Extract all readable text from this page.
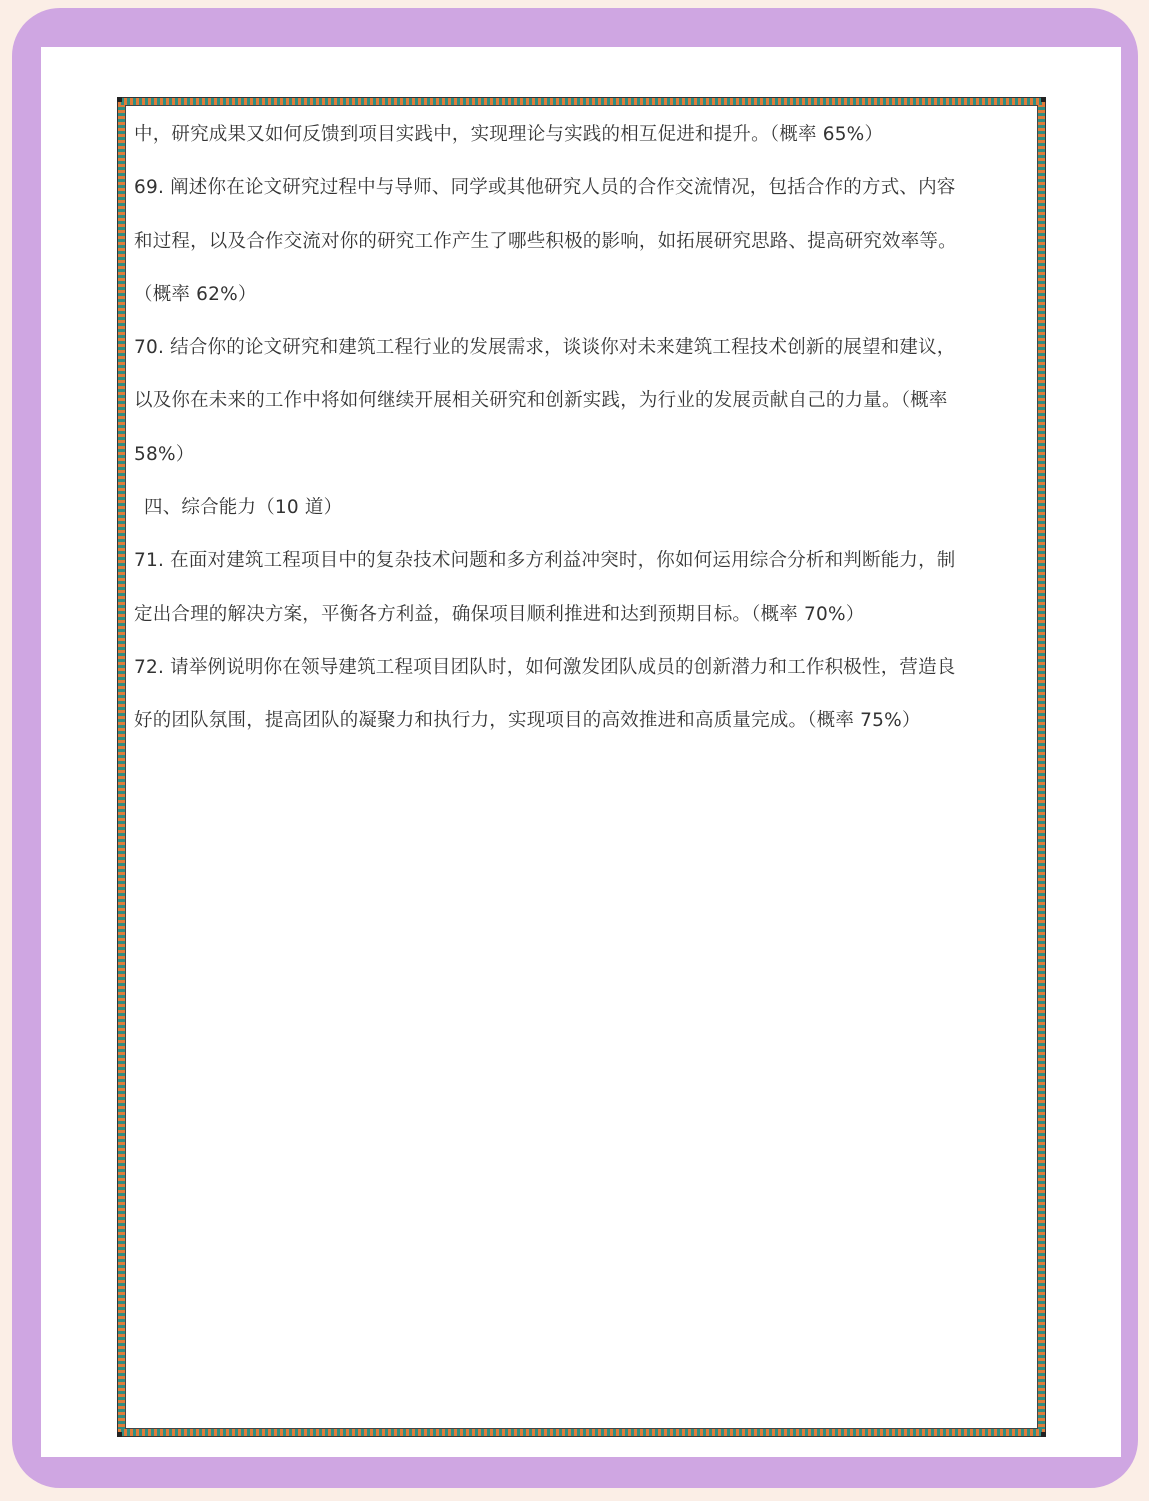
中，研究成果又如何反馈到项目实践中，实现理论与实践的相互促进和提升。（概率 65%）
69. 阐述你在论文研究过程中与导师、同学或其他研究人员的合作交流情况，包括合作的方式、内容
和过程，以及合作交流对你的研究工作产生了哪些积极的影响，如拓展研究思路、提高研究效率等。
（概率 62%）
70. 结合你的论文研究和建筑工程行业的发展需求，谈谈你对未来建筑工程技术创新的展望和建议，
以及你在未来的工作中将如何继续开展相关研究和创新实践，为行业的发展贡献自己的力量。（概率
58%）
四、综合能力（10 道）
71. 在面对建筑工程项目中的复杂技术问题和多方利益冲突时，你如何运用综合分析和判断能力，制
定出合理的解决方案，平衡各方利益，确保项目顺利推进和达到预期目标。（概率 70%）
72. 请举例说明你在领导建筑工程项目团队时，如何激发团队成员的创新潜力和工作积极性，营造良
好的团队氛围，提高团队的凝聚力和执行力，实现项目的高效推进和高质量完成。（概率 75%）
